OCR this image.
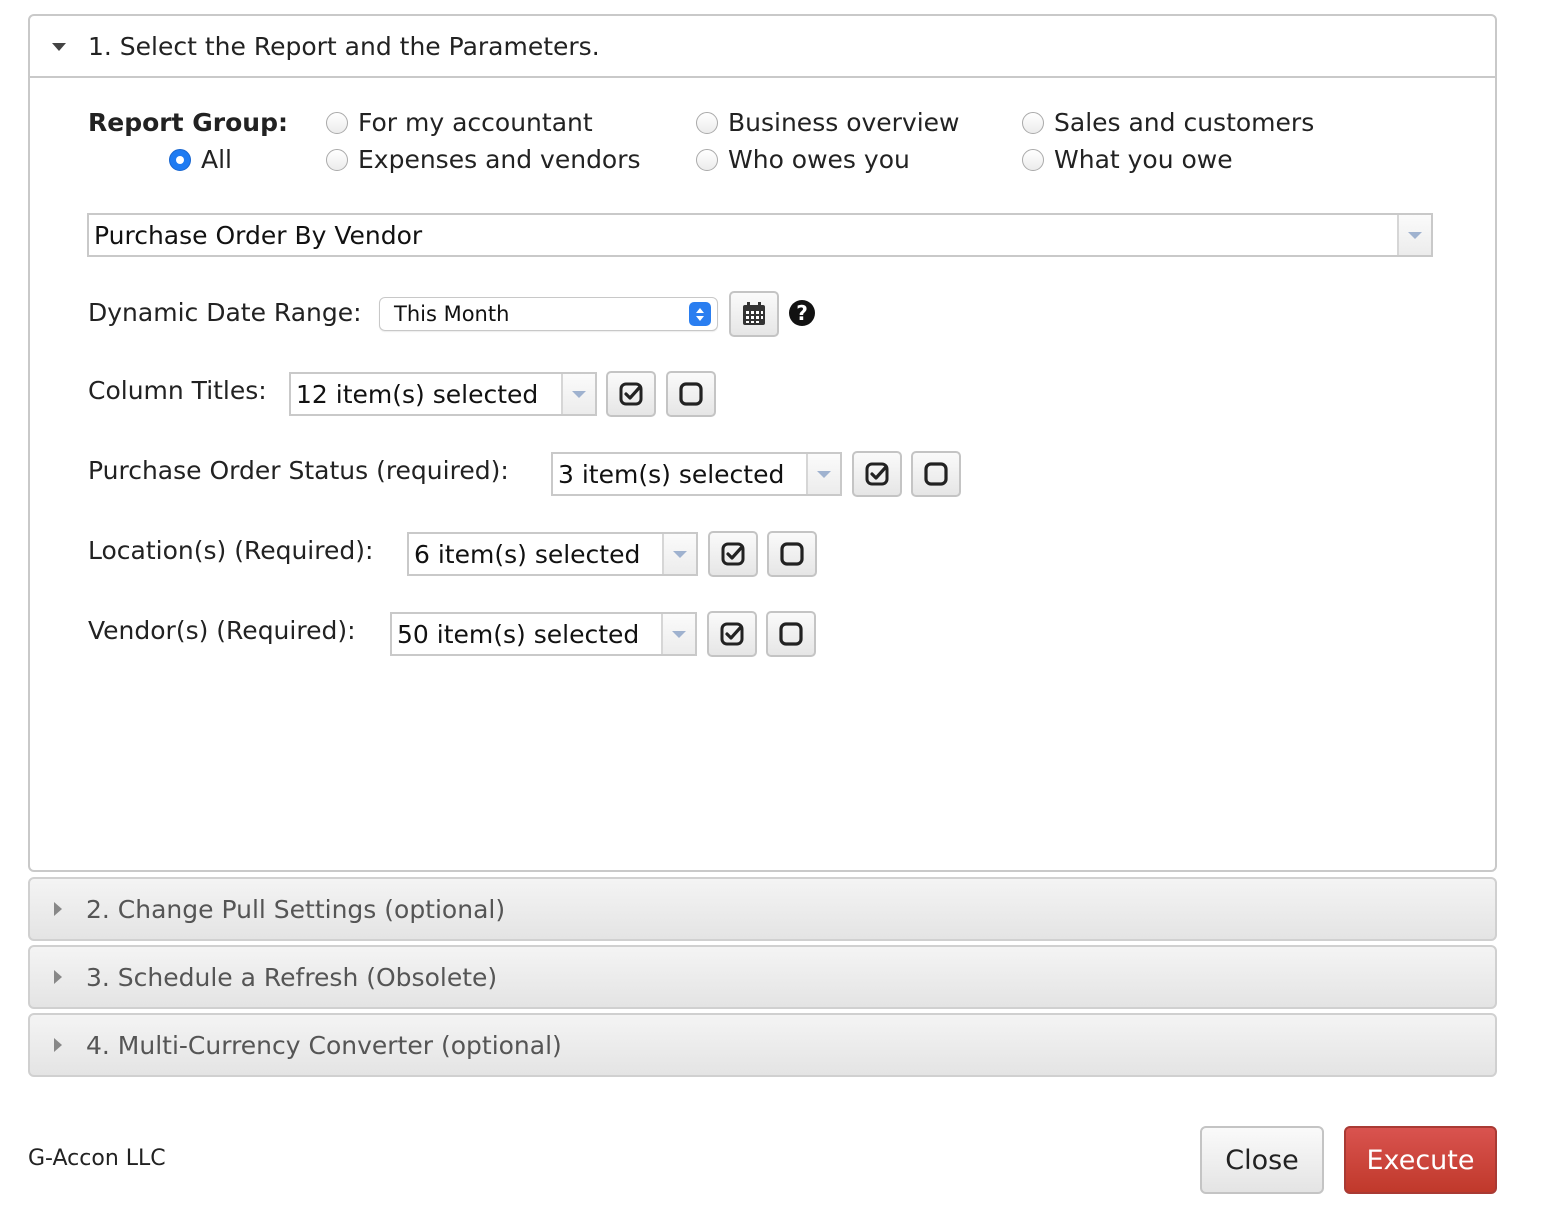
1. Select the Report and the Parameters.
Report Group:	For my accountant	Business overview	Sales and customers
All	Expenses and vendors	Who owes you	What you owe
Purchase Order By Vendor
Dynamic Date Range:	This Month	?
Column Titles: 12 item(s) selected
Purchase Order Status (required): 3 item(s) selected
Location(s) (Required): 6 item(s) selected
Vendor(s) (Required): 50 item(s) selected
2. Change Pull Settings (optional)
3. Schedule a Refresh (Obsolete)
4. Multi-Currency Converter (optional)
G-Accon LLC	Close	Execute
